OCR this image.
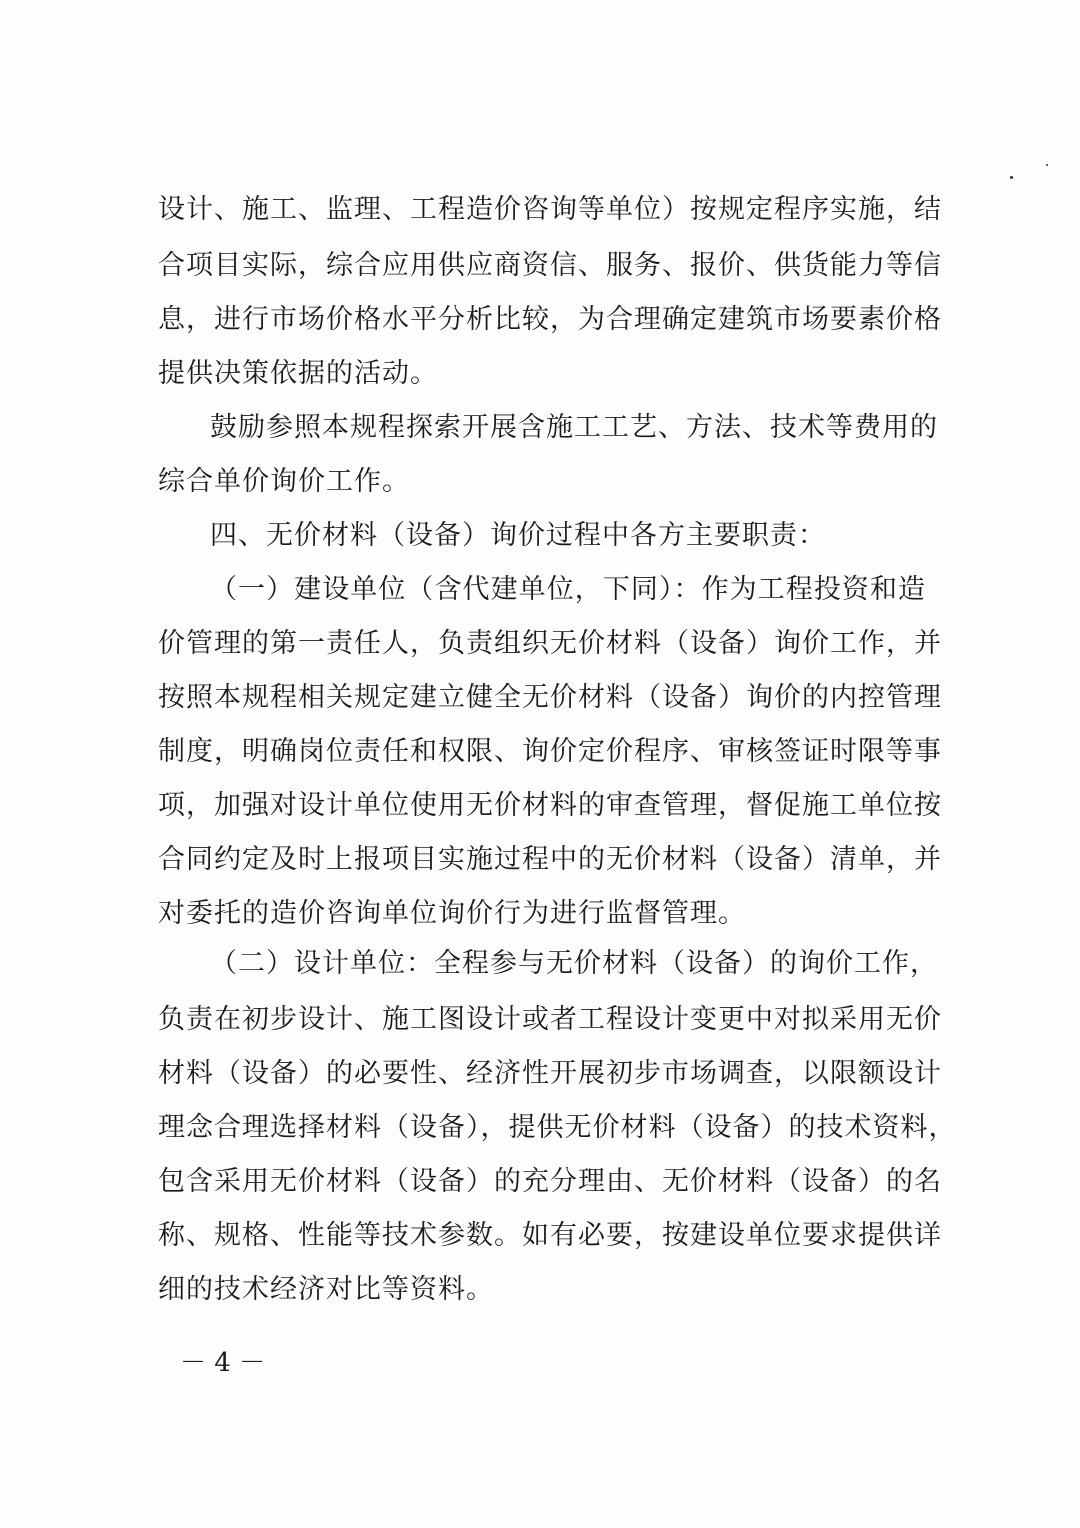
设计、施工、监理、工程造价咨询等单位）按规定程序实施，结
合项目实际，综合应用供应商资信、服务、报价、供货能力等信
息，进行市场价格水平分析比较，为合理确定建筑市场要素价格
提供决策依据的活动。
鼓励参照本规程探索开展含施工工艺、方法、技术等费用的
综合单价询价工作。
四、无价材料（设备）询价过程中各方主要职责：
（一）建设单位（含代建单位，下同）：作为工程投资和造
价管理的第一责任人，负责组织无价材料（设备）询价工作，并
按照本规程相关规定建立健全无价材料（设备）询价的内控管理
制度，明确岗位责任和权限、询价定价程序、审核签证时限等事
项，加强对设计单位使用无价材料的审查管理，督促施工单位按
合同约定及时上报项目实施过程中的无价材料（设备）清单，并
对委托的造价咨询单位询价行为进行监督管理。
（二）设计单位：全程参与无价材料（设备）的询价工作，
负责在初步设计、施工图设计或者工程设计变更中对拟采用无价
材料（设备）的必要性、经济性开展初步市场调查，以限额设计
理念合理选择材料（设备），提供无价材料（设备）的技术资料，
包含采用无价材料（设备）的充分理由、无价材料（设备）的名
称、规格、性能等技术参数。如有必要，按建设单位要求提供详
细的技术经济对比等资料。
－ 4 －
